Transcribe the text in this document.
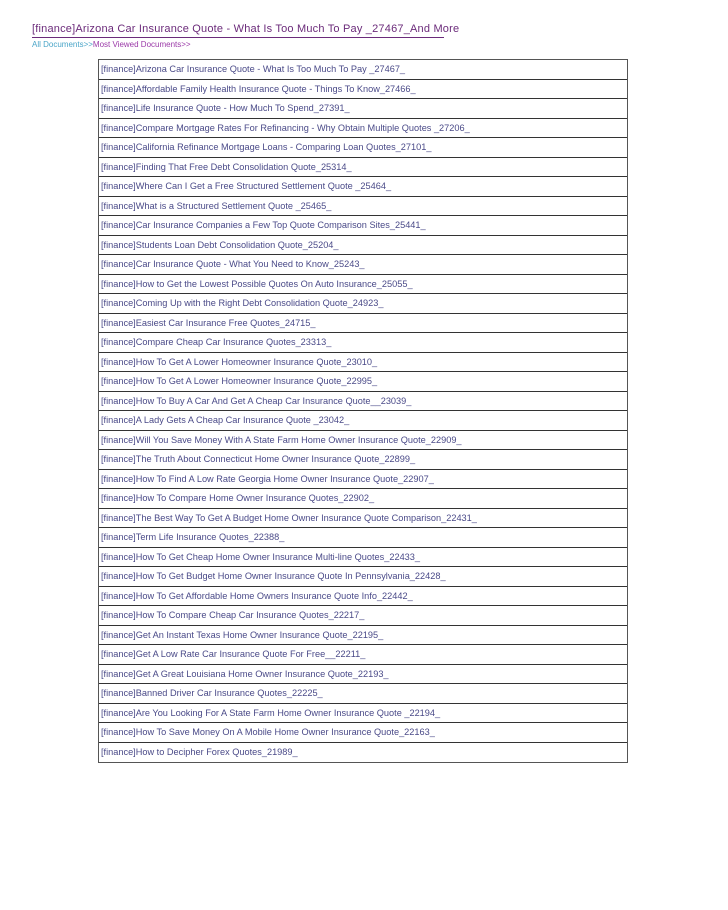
[finance]Arizona Car Insurance Quote - What Is Too Much To Pay _27467_And More
All Documents>>Most Viewed Documents>>
[finance]Arizona Car Insurance Quote - What Is Too Much To Pay _27467_
[finance]Affordable Family Health Insurance Quote - Things To Know_27466_
[finance]Life Insurance Quote - How Much To Spend_27391_
[finance]Compare Mortgage Rates For Refinancing - Why Obtain Multiple Quotes _27206_
[finance]California Refinance Mortgage Loans - Comparing Loan Quotes_27101_
[finance]Finding That Free Debt Consolidation Quote_25314_
[finance]Where Can I Get a Free Structured Settlement Quote _25464_
[finance]What is a Structured Settlement Quote _25465_
[finance]Car Insurance Companies a Few Top Quote Comparison Sites_25441_
[finance]Students Loan Debt Consolidation Quote_25204_
[finance]Car Insurance Quote - What You Need to Know_25243_
[finance]How to Get the Lowest Possible Quotes On Auto Insurance_25055_
[finance]Coming Up with the Right Debt Consolidation Quote_24923_
[finance]Easiest Car Insurance Free Quotes_24715_
[finance]Compare Cheap Car Insurance Quotes_23313_
[finance]How To Get A Lower Homeowner Insurance Quote_23010_
[finance]How To Get A Lower Homeowner Insurance Quote_22995_
[finance]How To Buy A Car And Get A Cheap Car Insurance Quote__23039_
[finance]A Lady Gets A Cheap Car Insurance Quote _23042_
[finance]Will You Save Money With A State Farm Home Owner Insurance Quote_22909_
[finance]The Truth About Connecticut Home Owner Insurance Quote_22899_
[finance]How To Find A Low Rate Georgia Home Owner Insurance Quote_22907_
[finance]How To Compare Home Owner Insurance Quotes_22902_
[finance]The Best Way To Get A Budget Home Owner Insurance Quote Comparison_22431_
[finance]Term Life Insurance Quotes_22388_
[finance]How To Get Cheap Home Owner Insurance Multi-line Quotes_22433_
[finance]How To Get Budget Home Owner Insurance Quote In Pennsylvania_22428_
[finance]How To Get Affordable Home Owners Insurance Quote Info_22442_
[finance]How To Compare Cheap Car Insurance Quotes_22217_
[finance]Get An Instant Texas Home Owner Insurance Quote_22195_
[finance]Get A Low Rate Car Insurance Quote For Free__22211_
[finance]Get A Great Louisiana Home Owner Insurance Quote_22193_
[finance]Banned Driver Car Insurance Quotes_22225_
[finance]Are You Looking For A State Farm Home Owner Insurance Quote _22194_
[finance]How To Save Money On A Mobile Home Owner Insurance Quote_22163_
[finance]How to Decipher Forex Quotes_21989_
